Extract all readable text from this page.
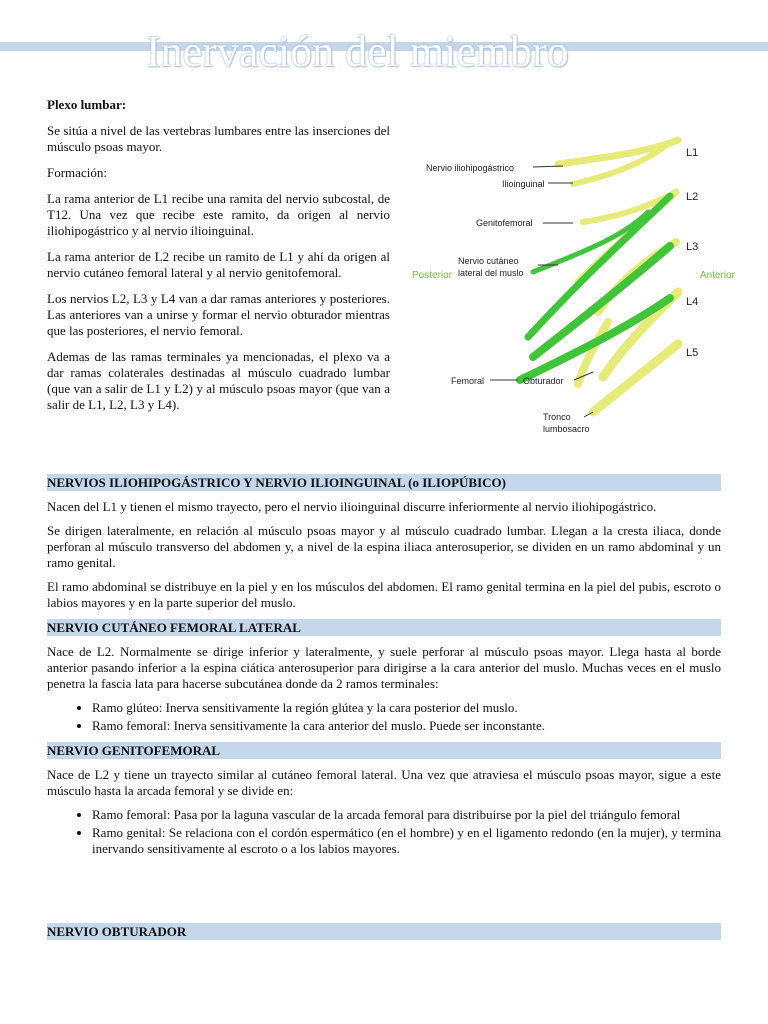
Inervación del miembro

Plexo lumbar:

Se sitúa a nivel de las vertebras lumbares entre las inserciones del músculo psoas mayor.

Formación:

La rama anterior de L1 recibe una ramita del nervio subcostal, de T12. Una vez que recibe este ramito, da origen al nervio iliohipogástrico y al nervio ilioinguinal.

La rama anterior de L2 recibe un ramito de L1 y ahí da origen al nervio cutáneo femoral lateral y al nervio genitofemoral.

Los nervios L2, L3 y L4 van a dar ramas anteriores y posteriores. Las anteriores van a unirse y formar el nervio obturador mientras que las posteriores, el nervio femoral.

Ademas de las ramas terminales ya mencionadas, el plexo va a dar ramas colaterales destinadas al músculo cuadrado lumbar (que van a salir de L1 y L2) y al músculo psoas mayor (que van a salir de L1, L2, L3 y L4).

Nervio iliohipogástrico
Ilioinguinal
Genitofemoral
Nervio cutáneo
lateral del muslo
Femoral	Obturador
Tronco
lumbosacro
Posterior	Anterior
L1
L2
L3
L4
L5
NERVIOS ILIOHIPOGÁSTRICO Y NERVIO ILIOINGUINAL (o ILIOPÚBICO)

Nacen del L1 y tienen el mismo trayecto, pero el nervio ilioinguinal discurre inferiormente al nervio iliohipogástrico.

Se dirigen lateralmente, en relación al músculo psoas mayor y al músculo cuadrado lumbar. Llegan a la cresta iliaca, donde perforan al músculo transverso del abdomen y, a nivel de la espina iliaca anterosuperior, se dividen en un ramo abdominal y un ramo genital.

El ramo abdominal se distribuye en la piel y en los músculos del abdomen. El ramo genital termina en la piel del pubis, escroto o labios mayores y en la parte superior del muslo.

NERVIO CUTÁNEO FEMORAL LATERAL

Nace de L2. Normalmente se dirige inferior y lateralmente, y suele perforar al músculo psoas mayor. Llega hasta al borde anterior pasando inferior a la espina ciática anterosuperior para dirigirse a la cara anterior del muslo. Muchas veces en el muslo penetra la fascia lata para hacerse subcutánea donde da 2 ramos terminales:

• Ramo glúteo: Inerva sensitivamente la región glútea y la cara posterior del muslo.
• Ramo femoral: Inerva sensitivamente la cara anterior del muslo. Puede ser inconstante.
NERVIO GENITOFEMORAL

Nace de L2 y tiene un trayecto similar al cutáneo femoral lateral. Una vez que atraviesa el músculo psoas mayor, sigue a este músculo hasta la arcada femoral y se divide en:

• Ramo femoral: Pasa por la laguna vascular de la arcada femoral para distribuirse por la piel del triángulo femoral
• Ramo genital: Se relaciona con el cordón espermático (en el hombre) y en el ligamento redondo (en la mujer), y termina inervando sensitivamente al escroto o a los labios mayores.
NERVIO OBTURADOR
